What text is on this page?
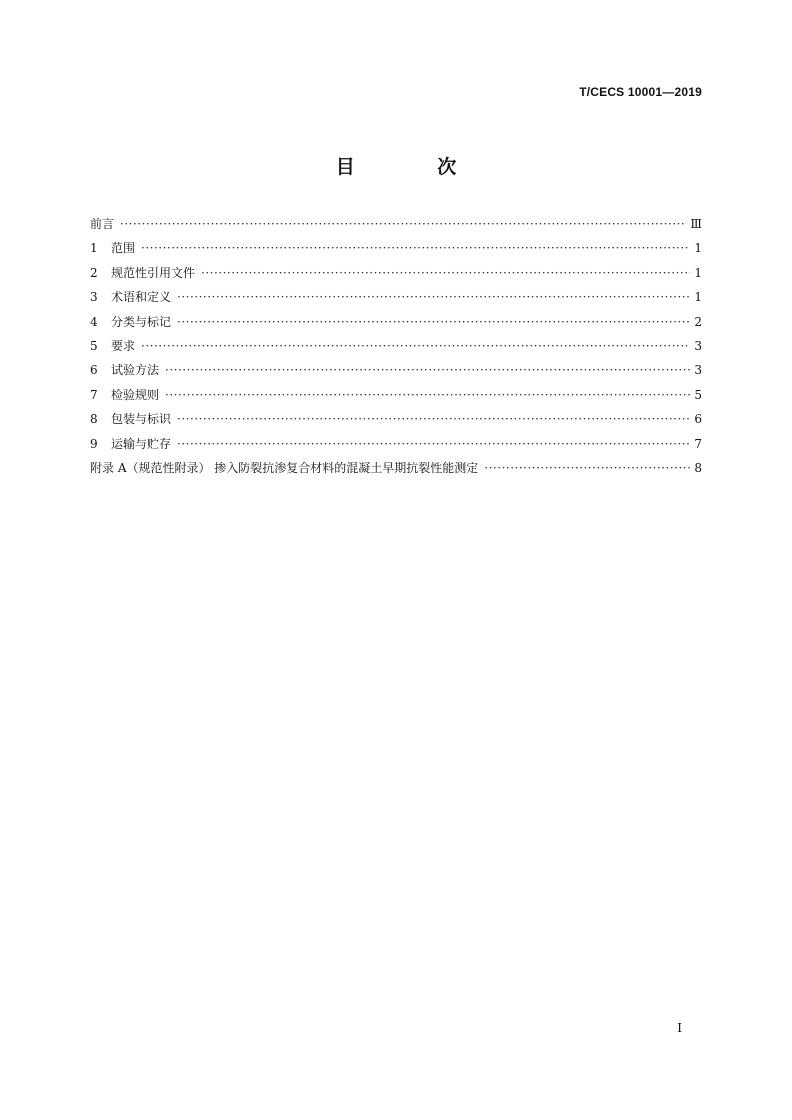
T/CECS 10001—2019
目 次
前言 ·····	Ⅲ
1	范围 ·····	1
2	规范性引用文件 ·····	1
3	术语和定义 ·····	1
4	分类与标记 ·····	2
5	要求 ·····	3
6	试验方法 ·····	3
7	检验规则 ·····	5
8	包装与标识 ·····	6
9	运输与贮存 ·····	7
附录 A（规范性附录） 掺入防裂抗渗复合材料的混凝土早期抗裂性能测定 ·····	8
Ⅰ
